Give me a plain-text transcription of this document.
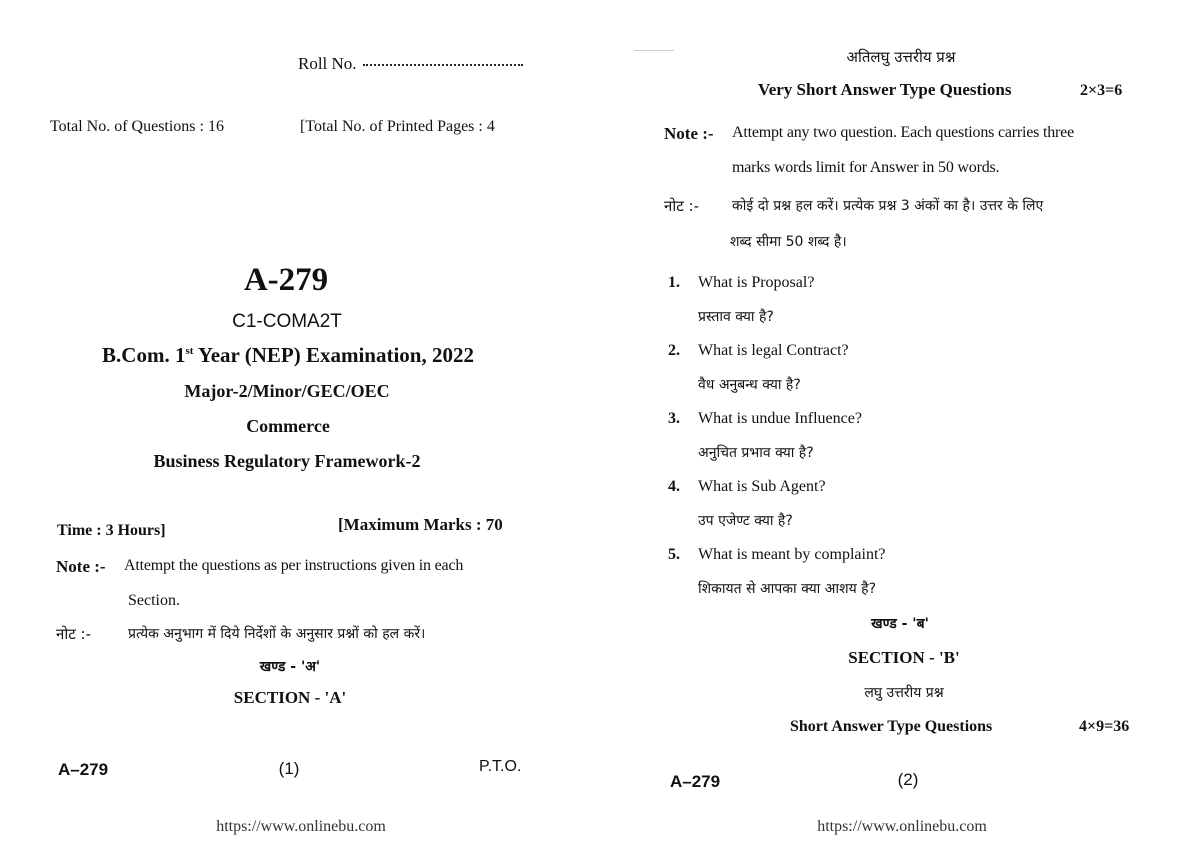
Roll No.
Total No. of Questions : 16	[Total No. of Printed Pages : 4
A-279
C1-COMA2T
B.Com. 1st Year (NEP) Examination, 2022
Major-2/Minor/GEC/OEC
Commerce
Business Regulatory Framework-2
Time : 3 Hours]	[Maximum Marks : 70
Note :- Attempt the questions as per instructions given in each
Section.
नोट :-	प्रत्येक अनुभाग में दिये निर्देशों के अनुसार प्रश्नों को हल करें।
खण्ड - 'अ'
SECTION - 'A'
A–279	(1)	P.T.O.
https://www.onlinebu.com
अतिलघु उत्तरीय प्रश्न
Very Short Answer Type Questions	2×3=6
Note :- Attempt any two question. Each questions carries three
marks words limit for Answer in 50 words.
नोट :- कोई दो प्रश्न हल करें। प्रत्येक प्रश्न 3 अंकों का है। उत्तर के लिए
शब्द सीमा 50 शब्द है।
1. What is Proposal?
प्रस्ताव क्या है?
2. What is legal Contract?
वैध अनुबन्ध क्या है?
3. What is undue Influence?
अनुचित प्रभाव क्या है?
4. What is Sub Agent?
उप एजेण्ट क्या है?
5. What is meant by complaint?
शिकायत से आपका क्या आशय है?
खण्ड - 'ब'
SECTION - 'B'
लघु उत्तरीय प्रश्न
Short Answer Type Questions	4×9=36
A–279	(2)
https://www.onlinebu.com
